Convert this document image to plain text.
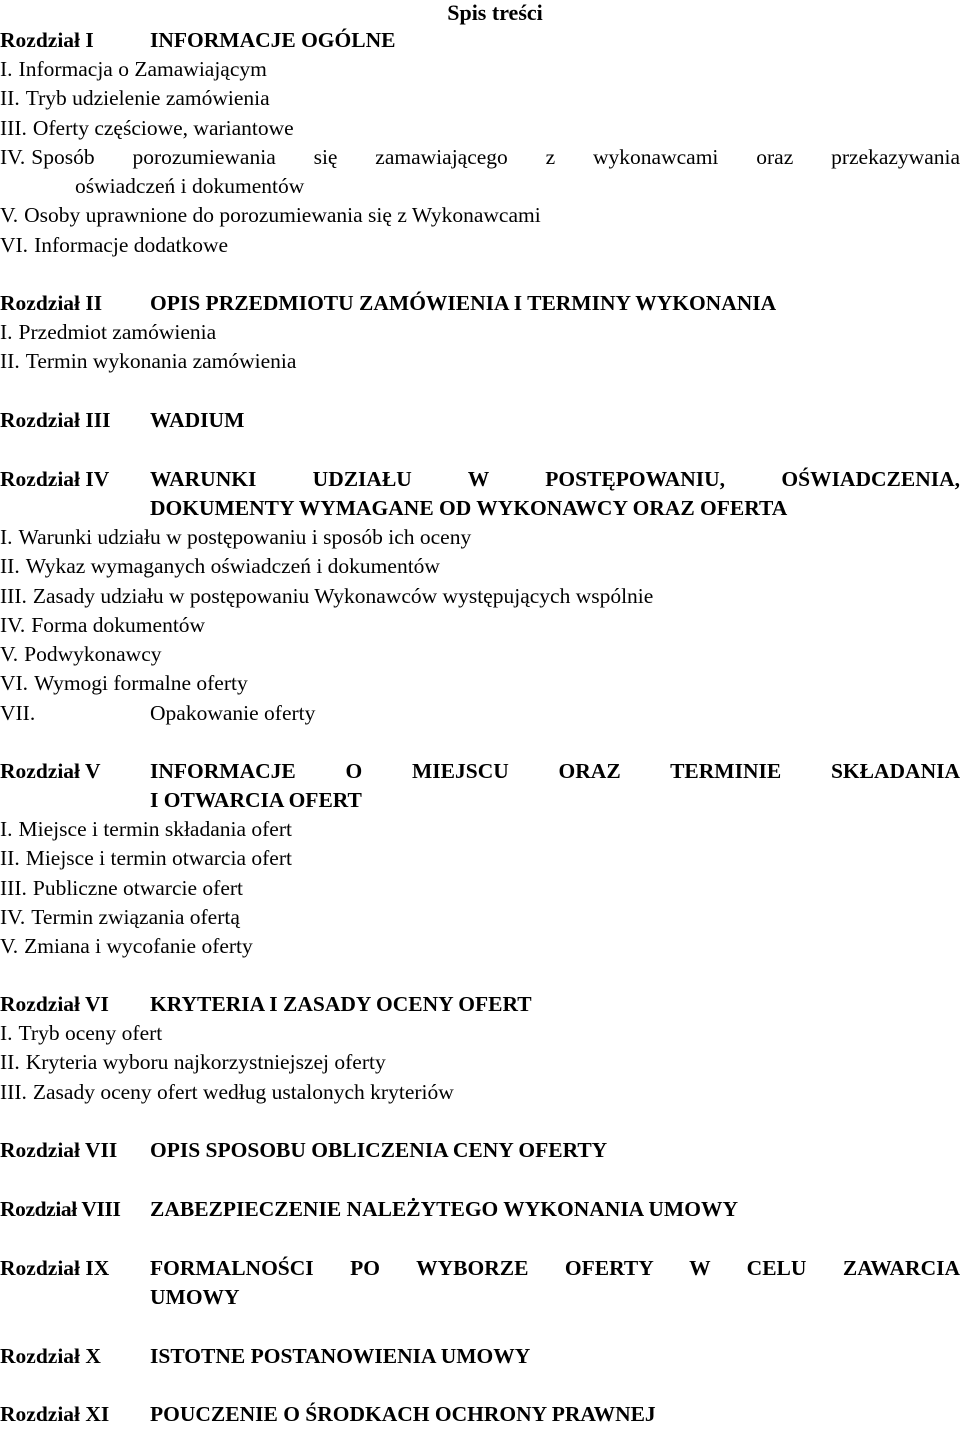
Spis treści
Rozdział I	INFORMACJE OGÓLNE
I. Informacja o Zamawiającym
II. Tryb udzielenie zamówienia
III. Oferty częściowe, wariantowe
IV. Sposób porozumiewania się zamawiającego z wykonawcami oraz przekazywania
oświadczeń i dokumentów
V. Osoby uprawnione do porozumiewania się z Wykonawcami
VI. Informacje dodatkowe
Rozdział II	OPIS PRZEDMIOTU ZAMÓWIENIA I TERMINY WYKONANIA
I. Przedmiot zamówienia
II. Termin wykonania zamówienia
Rozdział III	WADIUM
Rozdział IV	WARUNKI UDZIAŁU W POSTĘPOWANIU, OŚWIADCZENIA,
DOKUMENTY WYMAGANE OD WYKONAWCY ORAZ OFERTA
I. Warunki udziału w postępowaniu i sposób ich oceny
II. Wykaz wymaganych oświadczeń i dokumentów
III. Zasady udziału w postępowaniu Wykonawców występujących wspólnie
IV. Forma dokumentów
V. Podwykonawcy
VI. Wymogi formalne oferty
VII.	Opakowanie oferty
Rozdział V	INFORMACJE O MIEJSCU ORAZ TERMINIE SKŁADANIA
I OTWARCIA OFERT
I. Miejsce i termin składania ofert
II. Miejsce i termin otwarcia ofert
III. Publiczne otwarcie ofert
IV. Termin związania ofertą
V. Zmiana i wycofanie oferty
Rozdział VI	KRYTERIA I ZASADY OCENY OFERT
I. Tryb oceny ofert
II. Kryteria wyboru najkorzystniejszej oferty
III. Zasady oceny ofert według ustalonych kryteriów
Rozdział VII	OPIS SPOSOBU OBLICZENIA CENY OFERTY
Rozdział VIII	ZABEZPIECZENIE NALEŻYTEGO WYKONANIA UMOWY
Rozdział IX	FORMALNOŚCI PO WYBORZE OFERTY W CELU ZAWARCIA
UMOWY
Rozdział X	ISTOTNE POSTANOWIENIA UMOWY
Rozdział XI	POUCZENIE O ŚRODKACH OCHRONY PRAWNEJ
